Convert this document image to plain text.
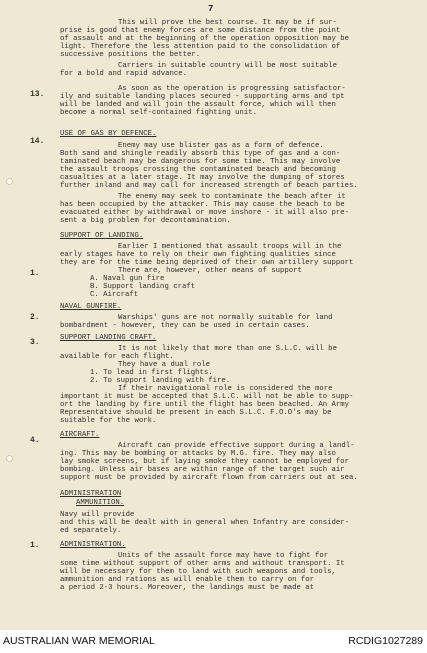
7
13.
14.
1.
2.
3.
4.
1.
This will prove the best course. It may be if sur-
prise is good that enemy forces are some distance from the point
of assault and at the beginning of the operation opposition may be
light. Therefore the less attention paid to the consolidation of
successive positions the better.
Carriers in suitable country will be most suitable
for a bold and rapid advance.
As soon as the operation is progressing satisfactor-
ily and suitable landing places secured - supporting arms and tpt
will be landed and will join the assault force, which will then
become a normal self-contained fighting unit.
USE OF GAS BY DEFENCE.
Enemy may use blister gas as a form of defence.
Both sand and shingle readily absorb this type of gas and a con-
taminated beach may be dangerous for some time. This may involve
the assault troops crossing the contaminated beach and becoming
casualties at a later stage. It may involve the dumping of stores
further inland and may call for increased strength of beach parties.
The enemy may seek to contaminate the beach after it
has been occupied by the attacker. This may cause the beach to be
evacuated either by withdrawal or move inshore - it will also pre-
sent a big problem for decontamination.
SUPPORT OF LANDING.
Earlier I mentioned that assault troops will in the
early stages have to rely on their own fighting qualities since
they are for the time being deprived of their own artillery support
There are, however, other means of support
A. Naval gun fire
B. Support landing craft
C. Aircraft
NAVAL GUNFIRE.
Warships' guns are not normally suitable for land
bombardment - however, they can be used in certain cases.
SUPPORT LANDING CRAFT.
It is not likely that more than one S.L.C. will be
available for each flight.
They have a dual role
1. To lead in first flights.
2. To support landing with fire.
If their navigational role is considered the more
important it must be accepted that S.L.C. will not be able to supp-
ort the landing by fire until the flight has been beached. An Army
Representative should be present in each S.L.C. F.O.O's may be
suitable for the work.
AIRCRAFT.
Aircraft can provide effective support during a landl-
ing. This may be bombing or attacks by M.G. fire. They may also
lay smoke screens, but if laying smoke they cannot be employed for
bombing. Unless air bases are within range of the target such air
support must be provided by aircraft flown from carriers out at sea.
ADMINISTRATION
AMMUNITION.
Navy will provide
and this will be dealt with in general when Infantry are consider-
ed separately.
ADMINISTRATION.
Units of the assault force may have to fight for
some time without support of other arms and without transport. It
will be necessary for them to land with such weapons and tools,
ammunition and rations as will enable them to carry on for
a period 2-3 hours. Moreover, the landings must be made at
AUSTRALIAN WAR MEMORIAL	RCDIG1027289
